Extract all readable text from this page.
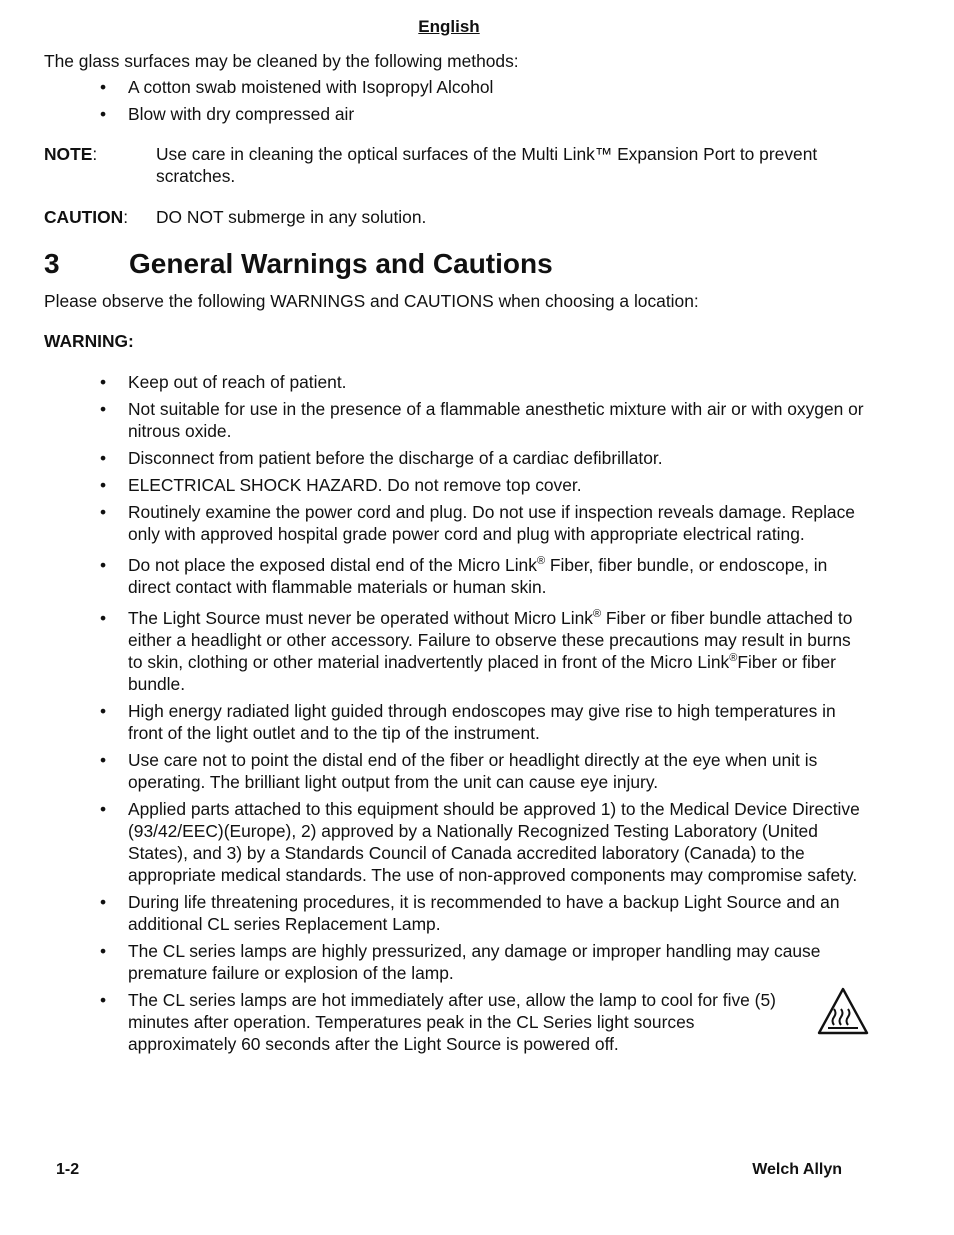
English
The glass surfaces may be cleaned by the following methods:
• A cotton swab moistened with Isopropyl Alcohol
• Blow with dry compressed air
NOTE:	Use care in cleaning the optical surfaces of the Multi Link™ Expansion Port to prevent scratches.
CAUTION: DO NOT submerge in any solution.
3 General Warnings and Cautions
Please observe the following WARNINGS and CAUTIONS when choosing a location:
WARNING:
• Keep out of reach of patient.
• Not suitable for use in the presence of a flammable anesthetic mixture with air or with oxygen or nitrous oxide.
• Disconnect from patient before the discharge of a cardiac defibrillator.
• ELECTRICAL SHOCK HAZARD. Do not remove top cover.
• Routinely examine the power cord and plug. Do not use if inspection reveals damage. Replace only with approved hospital grade power cord and plug with appropriate electrical rating.
• Do not place the exposed distal end of the Micro Link® Fiber, fiber bundle, or endoscope, in direct contact with flammable materials or human skin.
• The Light Source must never be operated without Micro Link® Fiber or fiber bundle attached to either a headlight or other accessory. Failure to observe these precautions may result in burns to skin, clothing or other material inadvertently placed in front of the Micro Link®Fiber or fiber bundle.
• High energy radiated light guided through endoscopes may give rise to high temperatures in front of the light outlet and to the tip of the instrument.
• Use care not to point the distal end of the fiber or headlight directly at the eye when unit is operating. The brilliant light output from the unit can cause eye injury.
• Applied parts attached to this equipment should be approved 1) to the Medical Device Directive (93/42/EEC)(Europe), 2) approved by a Nationally Recognized Testing Laboratory (United States), and 3) by a Standards Council of Canada accredited laboratory (Canada) to the appropriate medical standards. The use of non-approved components may compromise safety.
• During life threatening procedures, it is recommended to have a backup Light Source and an additional CL series Replacement Lamp.
• The CL series lamps are highly pressurized, any damage or improper handling may cause premature failure or explosion of the lamp.
• The CL series lamps are hot immediately after use, allow the lamp to cool for five (5) minutes after operation. Temperatures peak in the CL Series light sources approximately 60 seconds after the Light Source is powered off.
1-2	Welch Allyn
